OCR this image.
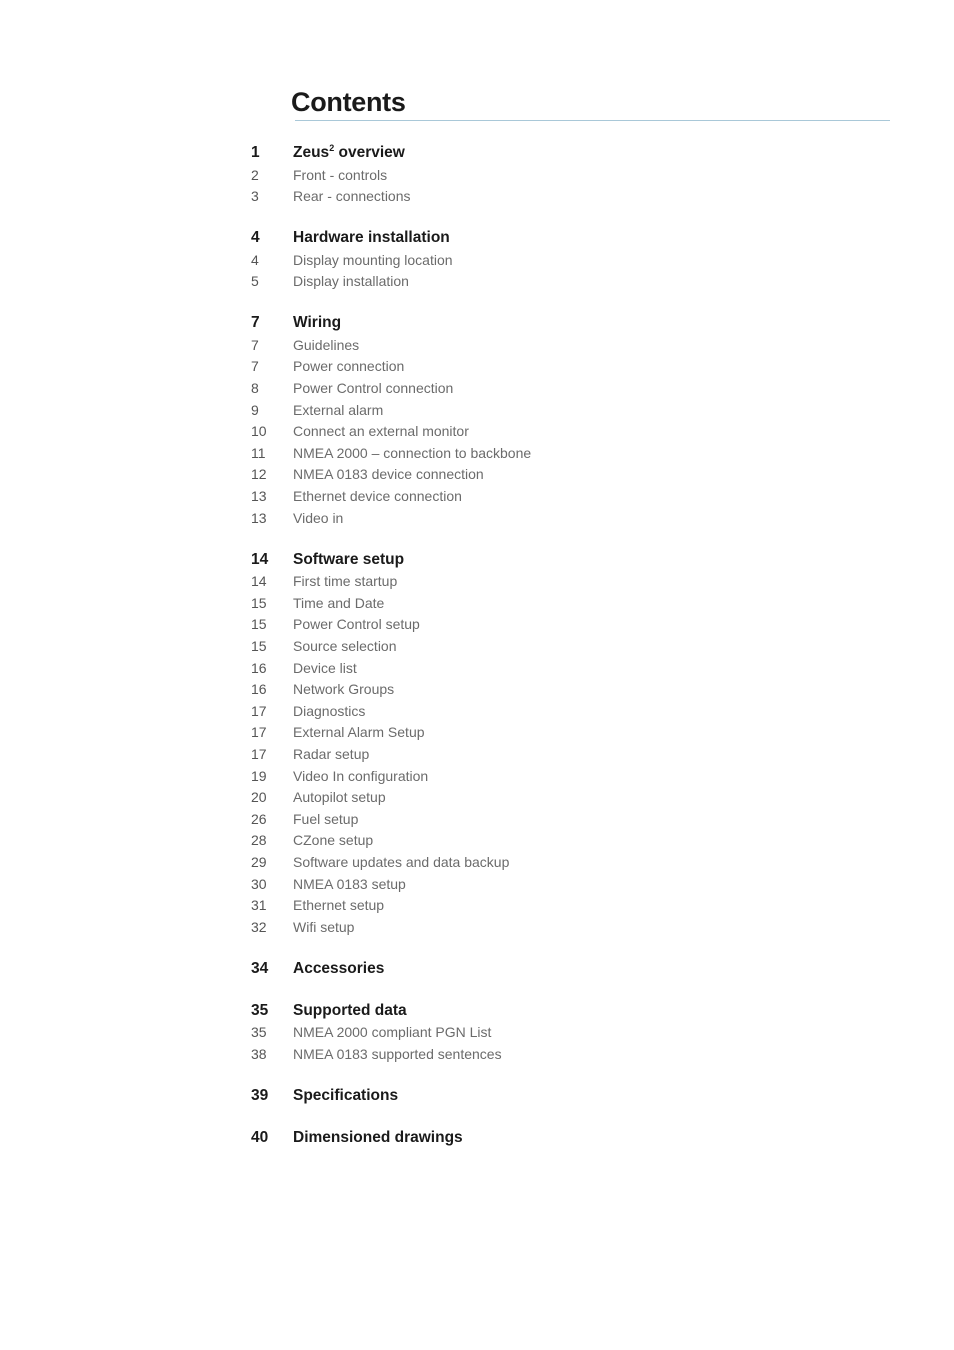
Contents
1	Zeus$^2$ overview
2	Front - controls
3	Rear - connections
4	Hardware installation
4	Display mounting location
5	Display installation
7	Wiring
7	Guidelines
7	Power connection
8	Power Control connection
9	External alarm
10	Connect an external monitor
11	NMEA 2000 – connection to backbone
12	NMEA 0183 device connection
13	Ethernet device connection
13	Video in
14	Software setup
14	First time startup
15	Time and Date
15	Power Control setup
15	Source selection
16	Device list
16	Network Groups
17	Diagnostics
17	External Alarm Setup
17	Radar setup
19	Video In configuration
20	Autopilot setup
26	Fuel setup
28	CZone setup
29	Software updates and data backup
30	NMEA 0183 setup
31	Ethernet setup
32	Wifi setup
34	Accessories
35	Supported data
35	NMEA 2000 compliant PGN List
38	NMEA 0183 supported sentences
39	Specifications
40	Dimensioned drawings
